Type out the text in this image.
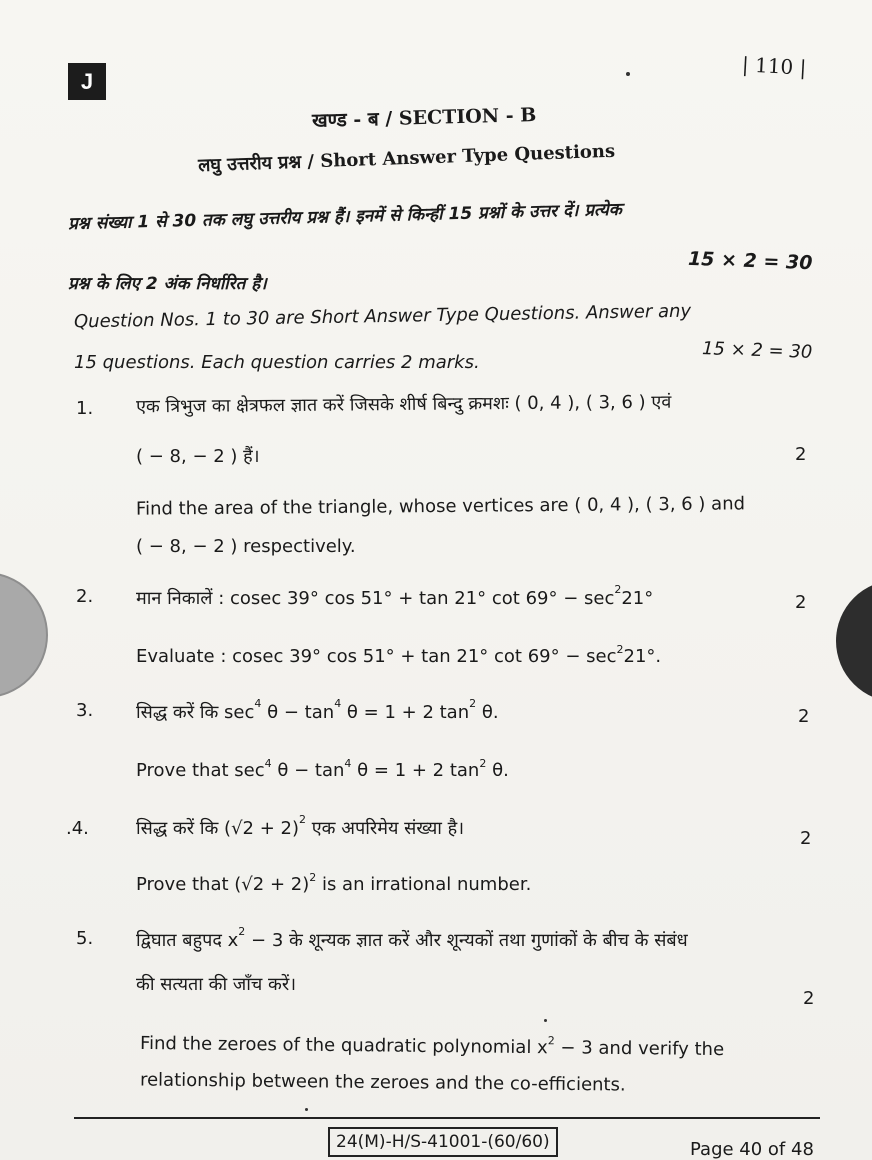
J
| 110 |
खण्ड - ब / SECTION - B
लघु उत्तरीय प्रश्न / Short Answer Type Questions
प्रश्न संख्या 1 से 30 तक लघु उत्तरीय प्रश्न हैं। इनमें से किन्हीं 15 प्रश्नों के उत्तर दें। प्रत्येक
प्रश्न के लिए 2 अंक निर्धारित है।
15 × 2 = 30
Question Nos. 1 to 30 are Short Answer Type Questions. Answer any
15 questions. Each question carries 2 marks.	15 × 2 = 30
1. एक त्रिभुज का क्षेत्रफल ज्ञात करें जिसके शीर्ष बिन्दु क्रमशः ( 0, 4 ), ( 3, 6 ) एवं
( − 8, − 2 ) हैं।	2
Find the area of the triangle, whose vertices are ( 0, 4 ), ( 3, 6 ) and
( − 8, − 2 ) respectively.
2. मान निकालें : cosec 39° cos 51° + tan 21° $\cot 69^\circ - \sec^221^\circ$	2
Evaluate : cosec 39° cos 51° + tan 21° $\cot 69^\circ - \sec^221^\circ$.
3. सिद्ध करें कि $\sec^4 \theta - \tan^4 \theta = 1 + 2$ $\tan^2 \theta$.	2
Prove that $\sec^4 \theta - \tan^4 \theta = 1 + 2$ $\tan^2 \theta$.
.4.	सिद्ध करें कि $(√2 + 2)^2$ एक अपरिमेय संख्या है।	2
Prove that $(√2 + 2)^2$ is an irrational number.
5. द्विघात बहुपद $x^2 - 3$ के शून्यक ज्ञात करें और शून्यकों तथा गुणांकों के बीच के संबंध
की सत्यता की जाँच करें।
2
Find the zeroes of the quadratic polynomial $x^2 - 3$ and verify the
relationship between the zeroes and the co-efficients.
24(M)-H/S-41001-(60/60)	Page 40 of 48
